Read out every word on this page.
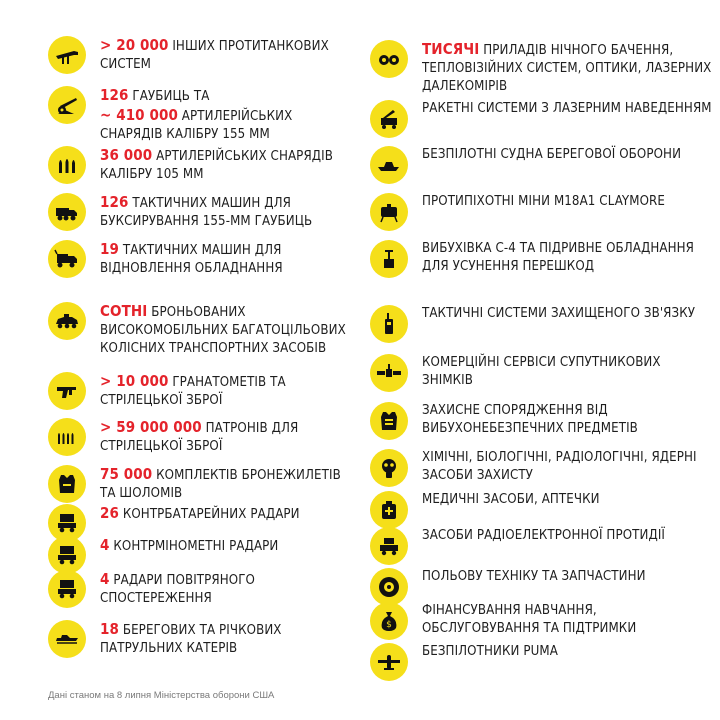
> 20 000 ІНШИХ ПРОТИТАНКОВИХ СИСТЕМ
126 ГАУБИЦЬ ТА
~ 410 000 АРТИЛЕРІЙСЬКИХ СНАРЯДІВ КАЛІБРУ 155 ММ
36 000 АРТИЛЕРІЙСЬКИХ СНАРЯДІВ КАЛІБРУ 105 ММ
126 ТАКТИЧНИХ МАШИН ДЛЯ БУКСИРУВАННЯ 155-ММ ГАУБИЦЬ
19 ТАКТИЧНИХ МАШИН ДЛЯ ВІДНОВЛЕННЯ ОБЛАДНАННЯ
СОТНІ БРОНЬОВАНИХ ВИСОКОМОБІЛЬНИХ БАГАТОЦІЛЬОВИХ КОЛІСНИХ ТРАНСПОРТНИХ ЗАСОБІВ
> 10 000 ГРАНАТОМЕТІВ ТА СТРІЛЕЦЬКОЇ ЗБРОЇ
> 59 000 000 ПАТРОНІВ ДЛЯ СТРІЛЕЦЬКОЇ ЗБРОЇ
75 000 КОМПЛЕКТІВ БРОНЕЖИЛЕТІВ ТА ШОЛОМІВ
26 КОНТРБАТАРЕЙНИХ РАДАРИ
4 КОНТРМІНОМЕТНІ РАДАРИ
4 РАДАРИ ПОВІТРЯНОГО СПОСТЕРЕЖЕННЯ
18 БЕРЕГОВИХ ТА РІЧКОВИХ ПАТРУЛЬНИХ КАТЕРІВ
ТИСЯЧІ ПРИЛАДІВ НІЧНОГО БАЧЕННЯ, ТЕПЛОВІЗІЙНИХ СИСТЕМ, ОПТИКИ, ЛАЗЕРНИХ ДАЛЕКОМІРІВ
РАКЕТНІ СИСТЕМИ З ЛАЗЕРНИМ НАВЕДЕННЯМ
БЕЗПІЛОТНІ СУДНА БЕРЕГОВОЇ ОБОРОНИ
ПРОТИПІХОТНІ МІНИ M18A1 CLAYMORE
ВИБУХІВКА С-4 ТА ПІДРИВНЕ ОБЛАДНАННЯ ДЛЯ УСУНЕННЯ ПЕРЕШКОД
ТАКТИЧНІ СИСТЕМИ ЗАХИЩЕНОГО ЗВ'ЯЗКУ
КОМЕРЦІЙНІ СЕРВІСИ СУПУТНИКОВИХ ЗНІМКІВ
ЗАХИСНЕ СПОРЯДЖЕННЯ ВІД ВИБУХОНЕБЕЗПЕЧНИХ ПРЕДМЕТІВ
ХІМІЧНІ, БІОЛОГІЧНІ, РАДІОЛОГІЧНІ, ЯДЕРНІ ЗАСОБИ ЗАХИСТУ
МЕДИЧНІ ЗАСОБИ, АПТЕЧКИ
ЗАСОБИ РАДІОЕЛЕКТРОННОЇ ПРОТИДІЇ
ПОЛЬОВУ ТЕХНІКУ ТА ЗАПЧАСТИНИ
$
ФІНАНСУВАННЯ НАВЧАННЯ, ОБСЛУГОВУВАННЯ ТА ПІДТРИМКИ
БЕЗПІЛОТНИКИ PUMA
Дані станом на 8 липня Міністерства оборони США
